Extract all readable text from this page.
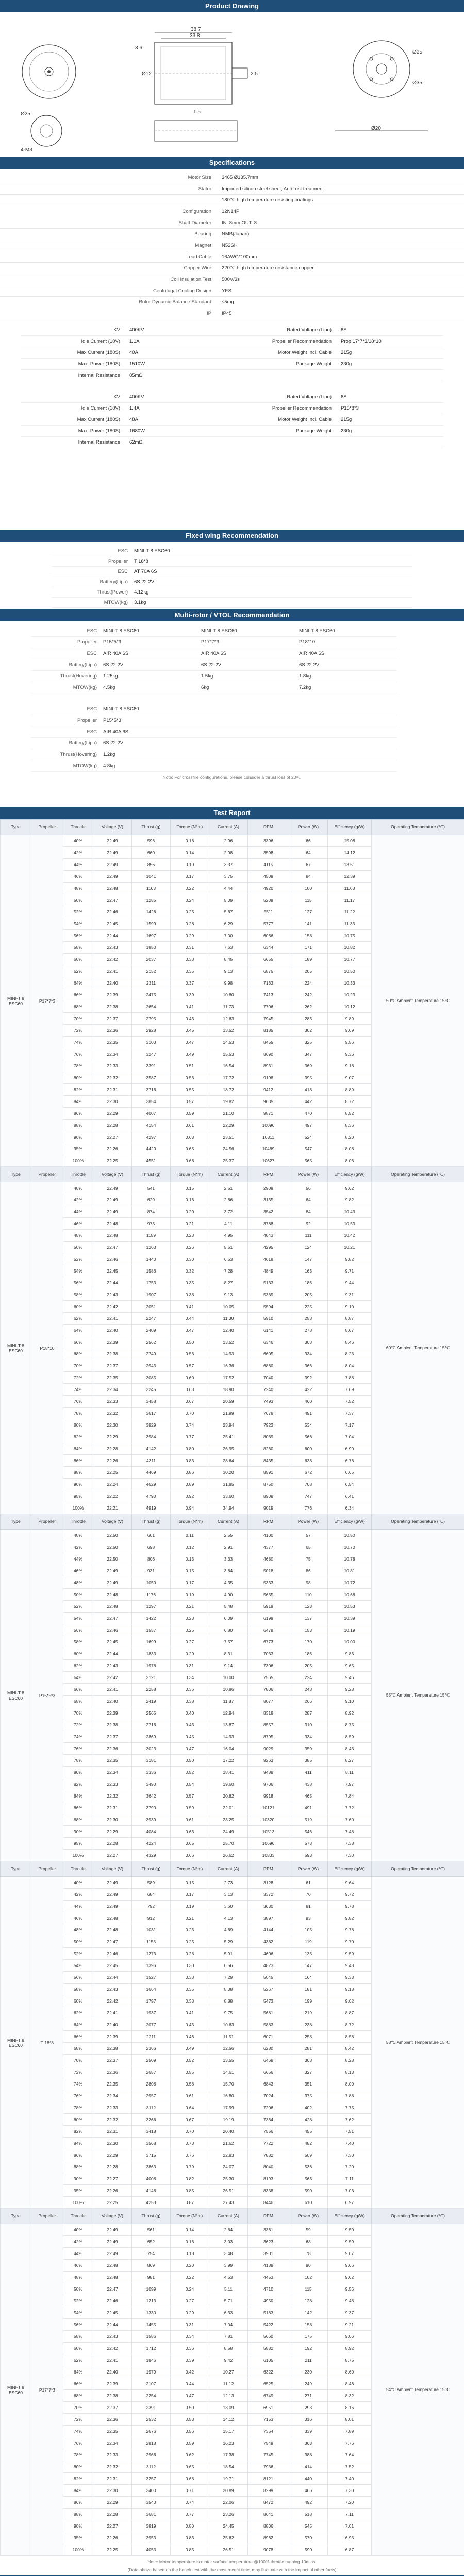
Product Drawing
38.7
33.8
3.6
2.5
1.5
Ø12
Ø25
Ø35
Ø25
4-M3
Ø20
Specifications
Motor Size	3465 Ø135.7mm
Stator	Imported silicon steel sheet, Anti-rust treatment
180℃ high temperature resisting coatings
Configuration	12N14P
Shaft Diameter	IN: 8mm OUT: 8
Bearing	NMB(Japan)
Magnet	N52SH
Lead Cable	16AWG*100mm
Copper Wire	220℃ high temperature resistance copper
Coil Insulation Test	500V/3s
Centrifugal Cooling Design	YES
Rotor Dynamic Balance Standard	≤5mg
IP	IP45
KV	400KV	Rated Voltage (Lipo)	8S
Idle Current (10V)	1.1A	Propeller Recommendation	Prop 17*7*3/18*10
Max Current (180S)	40A	Motor Weight Incl. Cable	215g
Max. Power (180S)	1510W	Package Weight	230g
Internal Resistance	85mΩ
KV	400KV	Rated Voltage (Lipo)	6S
Idle Current (10V)	1.4A	Propeller Recommendation	P15*8*3
Max Current (180S)	48A	Motor Weight Incl. Cable	215g
Max. Power (180S)	1680W	Package Weight	230g
Internal Resistance	62mΩ
Fixed wing Recommendation
ESC	MINI-T 8 ESC60
Propeller	T 18*8
ESC	AT 70A 6S
Battery(Lipo)	6S 22.2V
Thrust(Power)	4.12kg
MTOW(kg)	3.1kg
Multi-rotor / VTOL Recommendation
ESC	MINI-T 8 ESC60	MINI-T 8 ESC60	MINI-T 8 ESC60
Propeller	P15*5*3	P17*7*3	P18*10
ESC	AIR 40A 6S	AIR 40A 6S	AIR 40A 6S
Battery(Lipo)	6S 22.2V	6S 22.2V	6S 22.2V
Thrust(Hovering)	1.25kg	1.5kg	1.8kg
MTOW(kg)	4.5kg	6kg	7.2kg
ESC	MINI-T 8 ESC60
Propeller	P15*5*3
ESC	AIR 40A 6S
Battery(Lipo)	6S 22.2V
Thrust(Hovering)	1.2kg
MTOW(kg)	4.8kg
Note: For crossfire configurations, please consider a thrust loss of 20%.
Test Report
Type	Propeller	Throttle	Voltage (V)	Thrust (g)	Torque (N*m)	Current (A)	RPM	Power (W)	Efficiency (g/W)	Operating Temperature (℃)
MINI-T 8 ESC60	P17*7*3	40%	22.49	596	0.16	2.96	3396	66	15.08	50℃ Ambient Temperature 15℃
		42%	22.49	660	0.14	2.98	3598	64	14.12	
		44%	22.49	856	0.19	3.37	4115	67	13.51	
		46%	22.49	1041	0.17	3.75	4509	84	12.39	
		48%	22.48	1163	0.22	4.44	4920	100	11.63	
		50%	22.47	1285	0.24	5.09	5209	115	11.17	
		52%	22.46	1426	0.25	5.67	5511	127	11.22	
		54%	22.45	1599	0.28	6.29	5777	141	11.33	
		56%	22.44	1697	0.29	7.00	6066	158	10.75	
		58%	22.43	1850	0.31	7.63	6344	171	10.82	
		60%	22.42	2037	0.33	8.45	6655	189	10.77	
		62%	22.41	2152	0.35	9.13	6875	205	10.50	
		64%	22.40	2311	0.37	9.98	7163	224	10.33	
		66%	22.39	2475	0.39	10.80	7413	242	10.23	
		68%	22.38	2654	0.41	11.73	7706	262	10.12	
		70%	22.37	2795	0.43	12.63	7945	283	9.89	
		72%	22.36	2928	0.45	13.52	8185	302	9.69	
		74%	22.35	3103	0.47	14.53	8455	325	9.56	
		76%	22.34	3247	0.49	15.53	8690	347	9.36	
		78%	22.33	3391	0.51	16.54	8931	369	9.18	
		80%	22.32	3587	0.53	17.72	9198	395	9.07	
		82%	22.31	3716	0.55	18.72	9412	418	8.89	
		84%	22.30	3854	0.57	19.82	9635	442	8.72	
		86%	22.29	4007	0.59	21.10	9871	470	8.52	
		88%	22.28	4154	0.61	22.29	10096	497	8.36	
		90%	22.27	4297	0.63	23.51	10311	524	8.20	
		95%	22.26	4420	0.65	24.56	10489	547	8.08	
		100%	22.25	4551	0.66	25.37	10627	565	8.06	
Type	Propeller	Throttle	Voltage (V)	Thrust (g)	Torque (N*m)	Current (A)	RPM	Power (W)	Efficiency (g/W)	Operating Temperature (℃)
MINI-T 8 ESC60	P18*10	40%	22.49	541	0.15	2.51	2908	56	9.62	60℃ Ambient Temperature 15℃
		42%	22.49	629	0.16	2.86	3135	64	9.82	
		44%	22.49	874	0.20	3.72	3542	84	10.43	
		46%	22.48	973	0.21	4.11	3788	92	10.53	
		48%	22.48	1159	0.23	4.95	4043	111	10.42	
		50%	22.47	1263	0.26	5.51	4295	124	10.21	
		52%	22.46	1440	0.30	6.53	4618	147	9.82	
		54%	22.45	1586	0.32	7.28	4849	163	9.71	
		56%	22.44	1753	0.35	8.27	5133	186	9.44	
		58%	22.43	1907	0.38	9.13	5369	205	9.31	
		60%	22.42	2051	0.41	10.05	5594	225	9.10	
		62%	22.41	2247	0.44	11.30	5910	253	8.87	
		64%	22.40	2409	0.47	12.40	6141	278	8.67	
		66%	22.39	2562	0.50	13.52	6346	303	8.46	
		68%	22.38	2749	0.53	14.93	6605	334	8.23	
		70%	22.37	2943	0.57	16.36	6860	366	8.04	
		72%	22.35	3085	0.60	17.52	7040	392	7.88	
		74%	22.34	3245	0.63	18.90	7240	422	7.69	
		76%	22.33	3458	0.67	20.59	7493	460	7.52	
		78%	22.32	3617	0.70	21.99	7678	491	7.37	
		80%	22.30	3829	0.74	23.94	7923	534	7.17	
		82%	22.29	3984	0.77	25.41	8089	566	7.04	
		84%	22.28	4142	0.80	26.95	8260	600	6.90	
		86%	22.26	4311	0.83	28.64	8435	638	6.76	
		88%	22.25	4469	0.86	30.20	8591	672	6.65	
		90%	22.24	4629	0.89	31.85	8750	708	6.54	
		95%	22.22	4790	0.92	33.60	8908	747	6.41	
		100%	22.21	4919	0.94	34.94	9019	776	6.34	
Type	Propeller	Throttle	Voltage (V)	Thrust (g)	Torque (N*m)	Current (A)	RPM	Power (W)	Efficiency (g/W)	Operating Temperature (℃)
MINI-T 8 ESC60	P15*5*3	40%	22.50	601	0.11	2.55	4100	57	10.50	55℃ Ambient Temperature 15℃
		42%	22.50	698	0.12	2.91	4377	65	10.70	
		44%	22.50	806	0.13	3.33	4680	75	10.78	
		46%	22.49	931	0.15	3.84	5018	86	10.81	
		48%	22.49	1050	0.17	4.35	5333	98	10.72	
		50%	22.48	1176	0.19	4.90	5635	110	10.68	
		52%	22.48	1297	0.21	5.48	5919	123	10.53	
		54%	22.47	1422	0.23	6.09	6199	137	10.39	
		56%	22.46	1557	0.25	6.80	6478	153	10.19	
		58%	22.45	1699	0.27	7.57	6773	170	10.00	
		60%	22.44	1833	0.29	8.31	7033	186	9.83	
		62%	22.43	1978	0.31	9.14	7306	205	9.65	
		64%	22.42	2121	0.34	10.00	7565	224	9.46	
		66%	22.41	2258	0.36	10.86	7806	243	9.28	
		68%	22.40	2419	0.38	11.87	8077	266	9.10	
		70%	22.39	2565	0.40	12.84	8318	287	8.92	
		72%	22.38	2716	0.43	13.87	8557	310	8.75	
		74%	22.37	2869	0.45	14.93	8795	334	8.59	
		76%	22.36	3023	0.47	16.04	9029	359	8.43	
		78%	22.35	3181	0.50	17.22	9263	385	8.27	
		80%	22.34	3336	0.52	18.41	9488	411	8.11	
		82%	22.33	3490	0.54	19.60	9706	438	7.97	
		84%	22.32	3642	0.57	20.82	9918	465	7.84	
		86%	22.31	3790	0.59	22.01	10121	491	7.72	
		88%	22.30	3939	0.61	23.25	10320	519	7.60	
		90%	22.29	4084	0.63	24.49	10513	546	7.48	
		95%	22.28	4224	0.65	25.70	10696	573	7.38	
		100%	22.27	4329	0.66	26.62	10833	593	7.30	
Type	Propeller	Throttle	Voltage (V)	Thrust (g)	Torque (N*m)	Current (A)	RPM	Power (W)	Efficiency (g/W)	Operating Temperature (℃)
MINI-T 8 ESC60	T 18*8	40%	22.49	589	0.15	2.73	3128	61	9.64	58℃ Ambient Temperature 15℃
		42%	22.49	684	0.17	3.13	3372	70	9.72	
		44%	22.49	792	0.19	3.60	3630	81	9.78	
		46%	22.48	912	0.21	4.13	3897	93	9.82	
		48%	22.48	1031	0.23	4.69	4144	105	9.78	
		50%	22.47	1153	0.25	5.29	4382	119	9.70	
		52%	22.46	1273	0.28	5.91	4606	133	9.59	
		54%	22.45	1396	0.30	6.56	4823	147	9.48	
		56%	22.44	1527	0.33	7.29	5045	164	9.33	
		58%	22.43	1664	0.35	8.08	5267	181	9.18	
		60%	22.42	1797	0.38	8.88	5473	199	9.02	
		62%	22.41	1937	0.41	9.75	5681	219	8.87	
		64%	22.40	2077	0.43	10.63	5883	238	8.72	
		66%	22.39	2211	0.46	11.51	6071	258	8.58	
		68%	22.38	2366	0.49	12.56	6280	281	8.42	
		70%	22.37	2509	0.52	13.55	6468	303	8.28	
		72%	22.36	2657	0.55	14.61	6656	327	8.13	
		74%	22.35	2808	0.58	15.70	6843	351	8.00	
		76%	22.34	2957	0.61	16.80	7024	375	7.88	
		78%	22.33	3112	0.64	17.99	7206	402	7.75	
		80%	22.32	3266	0.67	19.19	7384	428	7.62	
		82%	22.31	3418	0.70	20.40	7556	455	7.51	
		84%	22.30	3568	0.73	21.62	7722	482	7.40	
		86%	22.29	3715	0.76	22.83	7882	509	7.30	
		88%	22.28	3863	0.79	24.07	8040	536	7.20	
		90%	22.27	4008	0.82	25.30	8193	563	7.11	
		95%	22.26	4148	0.85	26.51	8338	590	7.03	
		100%	22.25	4253	0.87	27.43	8446	610	6.97	
Type	Propeller	Throttle	Voltage (V)	Thrust (g)	Torque (N*m)	Current (A)	RPM	Power (W)	Efficiency (g/W)	Operating Temperature (℃)
MINI-T 8 ESC60	P17*7*3	40%	22.49	561	0.14	2.64	3361	59	9.50	54℃ Ambient Temperature 15℃
		42%	22.49	652	0.16	3.03	3623	68	9.59	
		44%	22.49	754	0.18	3.48	3901	78	9.67	
		46%	22.48	869	0.20	3.99	4188	90	9.66	
		48%	22.48	981	0.22	4.53	4453	102	9.62	
		50%	22.47	1099	0.24	5.11	4710	115	9.56	
		52%	22.46	1213	0.27	5.71	4950	128	9.48	
		54%	22.45	1330	0.29	6.33	5183	142	9.37	
		56%	22.44	1455	0.31	7.04	5422	158	9.21	
		58%	22.43	1586	0.34	7.81	5660	175	9.06	
		60%	22.42	1712	0.36	8.58	5882	192	8.92	
		62%	22.41	1846	0.39	9.42	6105	211	8.75	
		64%	22.40	1979	0.42	10.27	6322	230	8.60	
		66%	22.39	2107	0.44	11.12	6525	249	8.46	
		68%	22.38	2254	0.47	12.13	6749	271	8.32	
		70%	22.37	2391	0.50	13.09	6951	293	8.16	
		72%	22.36	2532	0.53	14.12	7153	316	8.01	
		74%	22.35	2676	0.56	15.17	7354	339	7.89	
		76%	22.34	2818	0.59	16.23	7549	363	7.76	
		78%	22.33	2966	0.62	17.38	7745	388	7.64	
		80%	22.32	3112	0.65	18.54	7936	414	7.52	
		82%	22.31	3257	0.68	19.71	8121	440	7.40	
		84%	22.30	3400	0.71	20.89	8299	466	7.30	
		86%	22.29	3540	0.74	22.06	8472	492	7.20	
		88%	22.28	3681	0.77	23.26	8641	518	7.11	
		90%	22.27	3819	0.80	24.45	8806	545	7.01	
		95%	22.26	3953	0.83	25.62	8962	570	6.93	
		100%	22.25	4053	0.85	26.51	9078	590	6.87	
Note: Motor temperature is motor surface temperature @100% throttle running 10mins.
(Data above based on the bench test with the most recent time, may fluctuate with the impact of other facts)
